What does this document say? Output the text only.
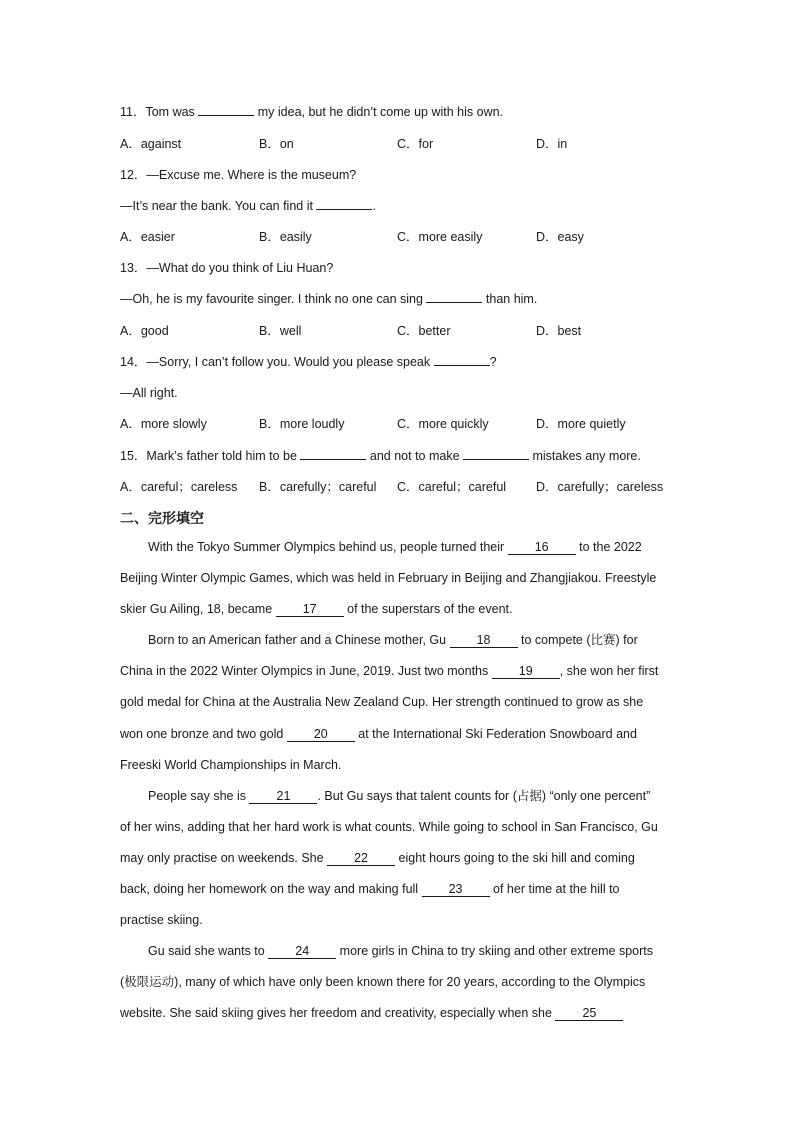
11．Tom was	my idea, but he didn’t come up with his own.
A．against	B．on	C．for	D．in
12．—Excuse me. Where is the museum?
—It’s near the bank. You can find it	.
A．easier	B．easily	C．more easily	D．easy
13．—What do you think of Liu Huan?
—Oh, he is my favourite singer. I think no one can sing	than him.
A．good	B．well	C．better	D．best
14．—Sorry, I can’t follow you. Would you please speak	?
—All right.
A．more slowly	B．more loudly	C．more quickly	D．more quietly
15．Mark’s father told him to be	and not to make	mistakes any more.
A．careful；careless B．carefully；careful C．careful；careful D．carefully；careless
二、完形填空

With the Tokyo Summer Olympics behind us, people turned their 16 to the 2022

Beijing Winter Olympic Games, which was held in February in Beijing and Zhangjiakou. Freestyle

skier Gu Ailing, 18, became 17 of the superstars of the event.

Born to an American father and a Chinese mother, Gu 18 to compete (比赛) for

China in the 2022 Winter Olympics in June, 2019. Just two months 19 , she won her first

gold medal for China at the Australia New Zealand Cup. Her strength continued to grow as she

won one bronze and two gold 20 at the International Ski Federation Snowboard and

Freeski World Championships in March.

People say she is 21 . But Gu says that talent counts for (占据) “only one percent”

of her wins, adding that her hard work is what counts. While going to school in San Francisco, Gu

may only practise on weekends. She 22 eight hours going to the ski hill and coming

back, doing her homework on the way and making full 23 of her time at the hill to

practise skiing.

Gu said she wants to 24 more girls in China to try skiing and other extreme sports

(极限运动), many of which have only been known there for 20 years, according to the Olympics

website. She said skiing gives her freedom and creativity, especially when she 25
